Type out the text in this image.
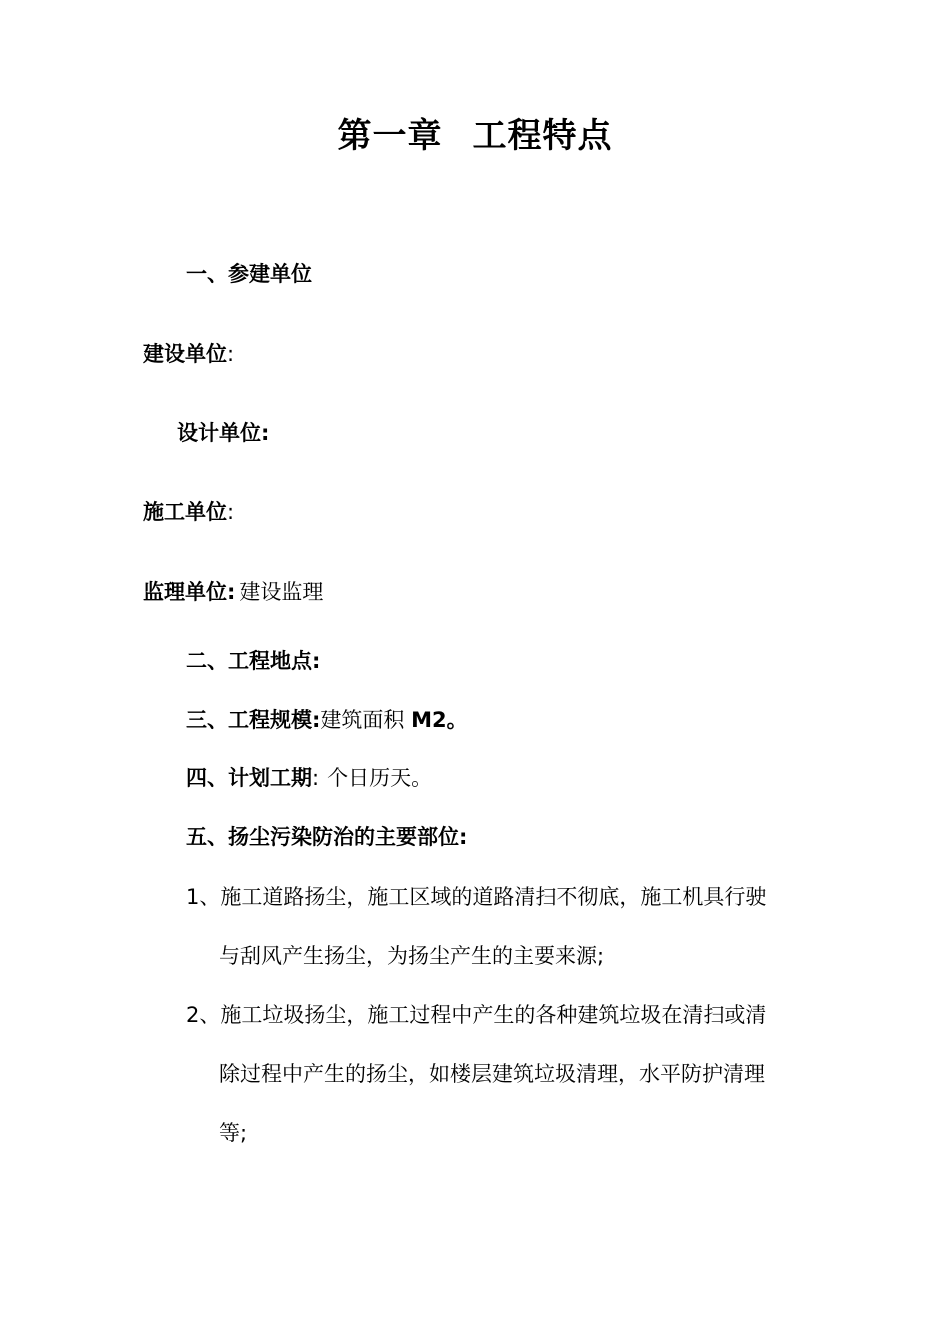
第一章 工程特点
一、参建单位
建设单位:
设计单位:
施工单位:
监理单位: 建设监理
二、工程地点:
三、工程规模:建筑面积 M2。
四、计划工期: 个日历天。
五、扬尘污染防治的主要部位:
1、施工道路扬尘，施工区域的道路清扫不彻底，施工机具行驶
与刮风产生扬尘，为扬尘产生的主要来源;
2、施工垃圾扬尘，施工过程中产生的各种建筑垃圾在清扫或清
除过程中产生的扬尘，如楼层建筑垃圾清理，水平防护清理
等;
